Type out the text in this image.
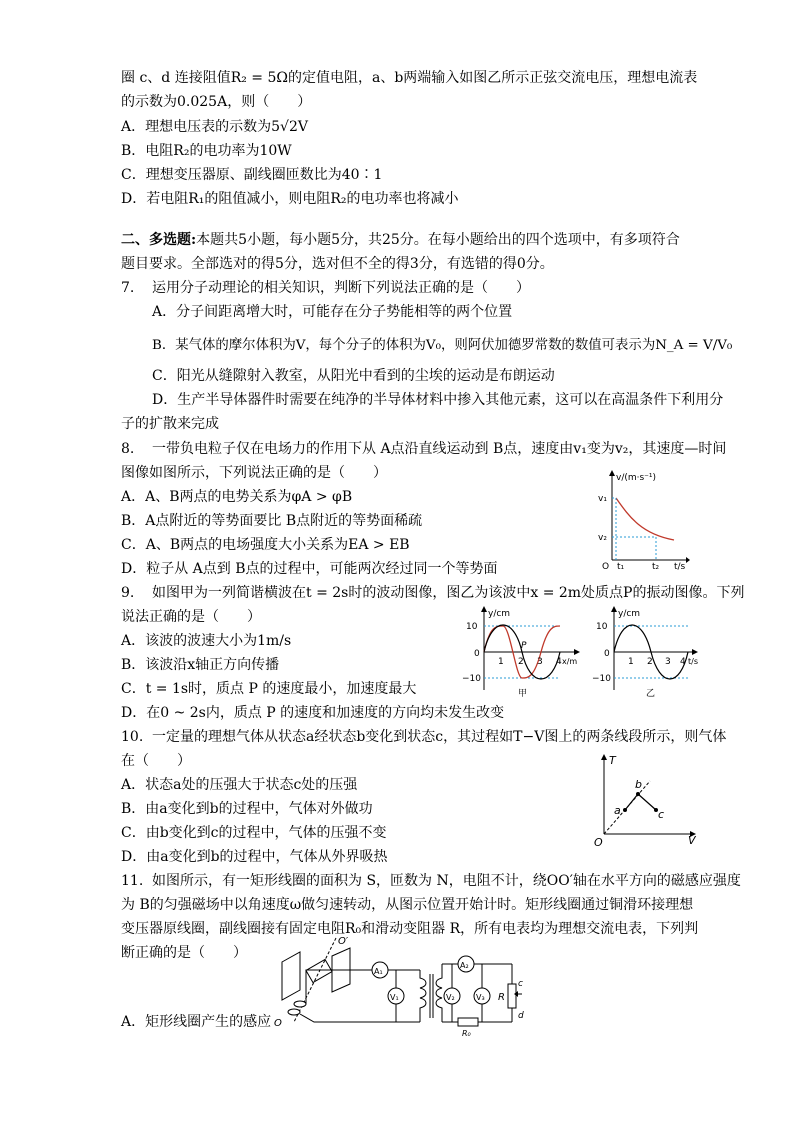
圈 c、d 连接阻值R₂ = 5Ω的定值电阻，a、b两端输入如图乙所示正弦交流电压，理想电流表
的示数为0.025A，则（　　）
A．理想电压表的示数为5√2V
B．电阻R₂的电功率为10W
C．理想变压器原、副线圈匝数比为40∶1
D．若电阻R₁的阻值减小，则电阻R₂的电功率也将减小
二、多选题:本题共5小题，每小题5分，共25分。在每小题给出的四个选项中，有多项符合
题目要求。全部选对的得5分，选对但不全的得3分，有选错的得0分。
7. 运用分子动理论的相关知识，判断下列说法正确的是（　　）
A．分子间距离增大时，可能存在分子势能相等的两个位置
B．某气体的摩尔体积为V，每个分子的体积为V₀，则阿伏加德罗常数的数值可表示为N_A = V/V₀
C．阳光从缝隙射入教室，从阳光中看到的尘埃的运动是布朗运动
D．生产半导体器件时需要在纯净的半导体材料中掺入其他元素，这可以在高温条件下利用分
子的扩散来完成
8. 一带负电粒子仅在电场力的作用下从 A点沿直线运动到 B点，速度由v₁变为v₂，其速度—时间
图像如图所示，下列说法正确的是（　　）
A．A、B两点的电势关系为φA > φB
B．A点附近的等势面要比 B点附近的等势面稀疏
C．A、B两点的电场强度大小关系为EA > EB
D．粒子从 A点到 B点的过程中，可能两次经过同一个等势面
v/(m·s⁻¹)
v₁
v₂
O t₁	t₂ t/s
9. 如图甲为一列简谐横波在t = 2s时的波动图像，图乙为该波中x = 2m处质点P的振动图像。下列
说法正确的是（　　）
A．该波的波速大小为1m/s
B．该波沿x轴正方向传播
C．t = 1s时，质点 P 的速度最小，加速度最大
D．在0 ~ 2s内，质点 P 的速度和加速度的方向均未发生改变
y/cm
10
0
−10
1 2 3 4
P
x/m
甲
y/cm
10
0
−10
1 2 3 4 t/s
乙
10. 一定量的理想气体从状态a经状态b变化到状态c，其过程如T−V图上的两条线段所示，则气体
在（　　）
A．状态a处的压强大于状态c处的压强
B．由a变化到b的过程中，气体对外做功
C．由b变化到c的过程中，气体的压强不变
D．由a变化到b的过程中，气体从外界吸热
T
V
O
a
b
c
11. 如图所示，有一矩形线圈的面积为 S，匝数为 N，电阻不计，绕OO′轴在水平方向的磁感应强度
为 B的匀强磁场中以角速度ω做匀速转动，从图示位置开始计时。矩形线圈通过铜滑环接理想
变压器原线圈，副线圈接有固定电阻R₀和滑动变阻器 R，所有电表均为理想交流电表，下列判
断正确的是（　　）
A．矩形线圈产生的感应
O′
O
A₁
V₁
A₂
V₂	V₃ R
c
d
R₀
